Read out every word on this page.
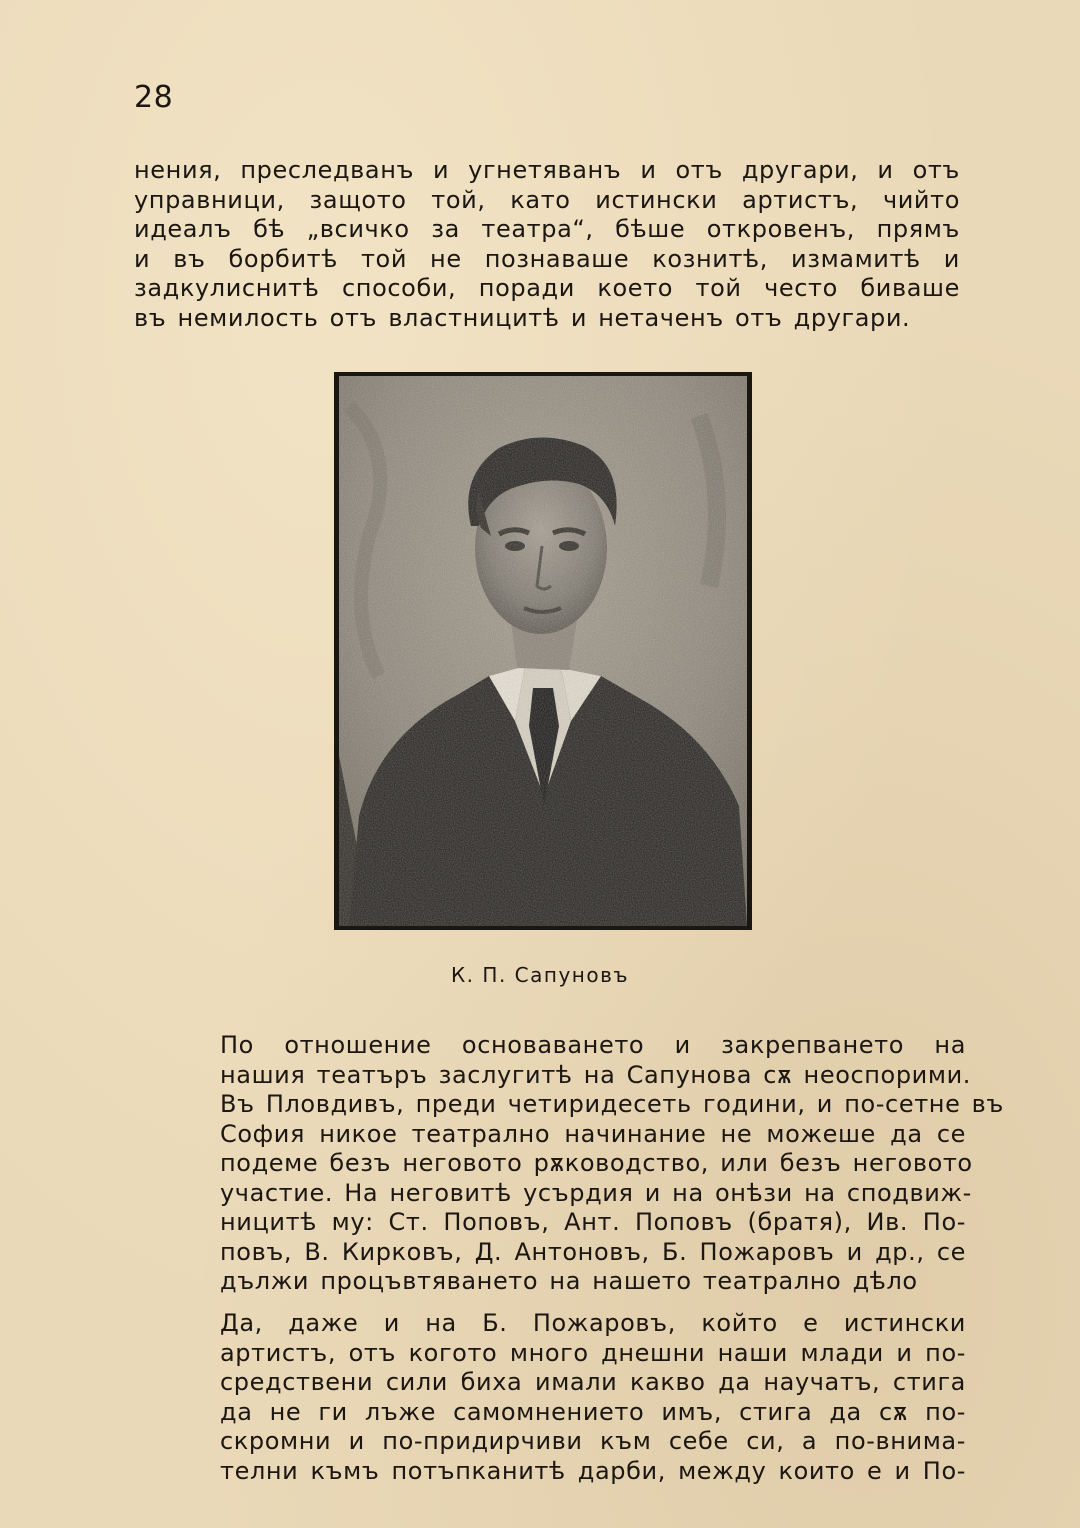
28
нения, преследванъ и угнетяванъ и отъ другари, и отъ
управници, защото той, като истински артистъ, чийто
идеалъ бѣ „всичко за театра“, бѣше откровенъ, прямъ
и въ борбитѣ той не познаваше кознитѣ, измамитѣ и
задкулиснитѣ способи, поради което той често биваше
въ немилость отъ властницитѣ и нетаченъ отъ другари.
К. П. Сапуновъ
По отношение основаването и закрепването на
нашия театъръ заслугитѣ на Сапунова сѫ неоспорими.
Въ Пловдивъ, преди четиридесеть години, и по-сетне въ
София никое театрално начинание не можеше да се
подеме безъ неговото рѫководство, или безъ неговото
участие. На неговитѣ усърдия и на онѣзи на сподвиж-
ницитѣ му: Ст. Поповъ, Ант. Поповъ (братя), Ив. По-
повъ, В. Кирковъ, Д. Антоновъ, Б. Пожаровъ и др., се
дължи процъвтяването на нашето театрално дѣло
Да, даже и на Б. Пожаровъ, който е истински
артистъ, отъ когото много днешни наши млади и по-
средствени сили биха имали какво да научатъ, стига
да не ги лъже самомнението имъ, стига да сѫ по-
скромни и по-придирчиви към себе си, а по-внима-
телни къмъ потъпканитѣ дарби, между които е и По-
